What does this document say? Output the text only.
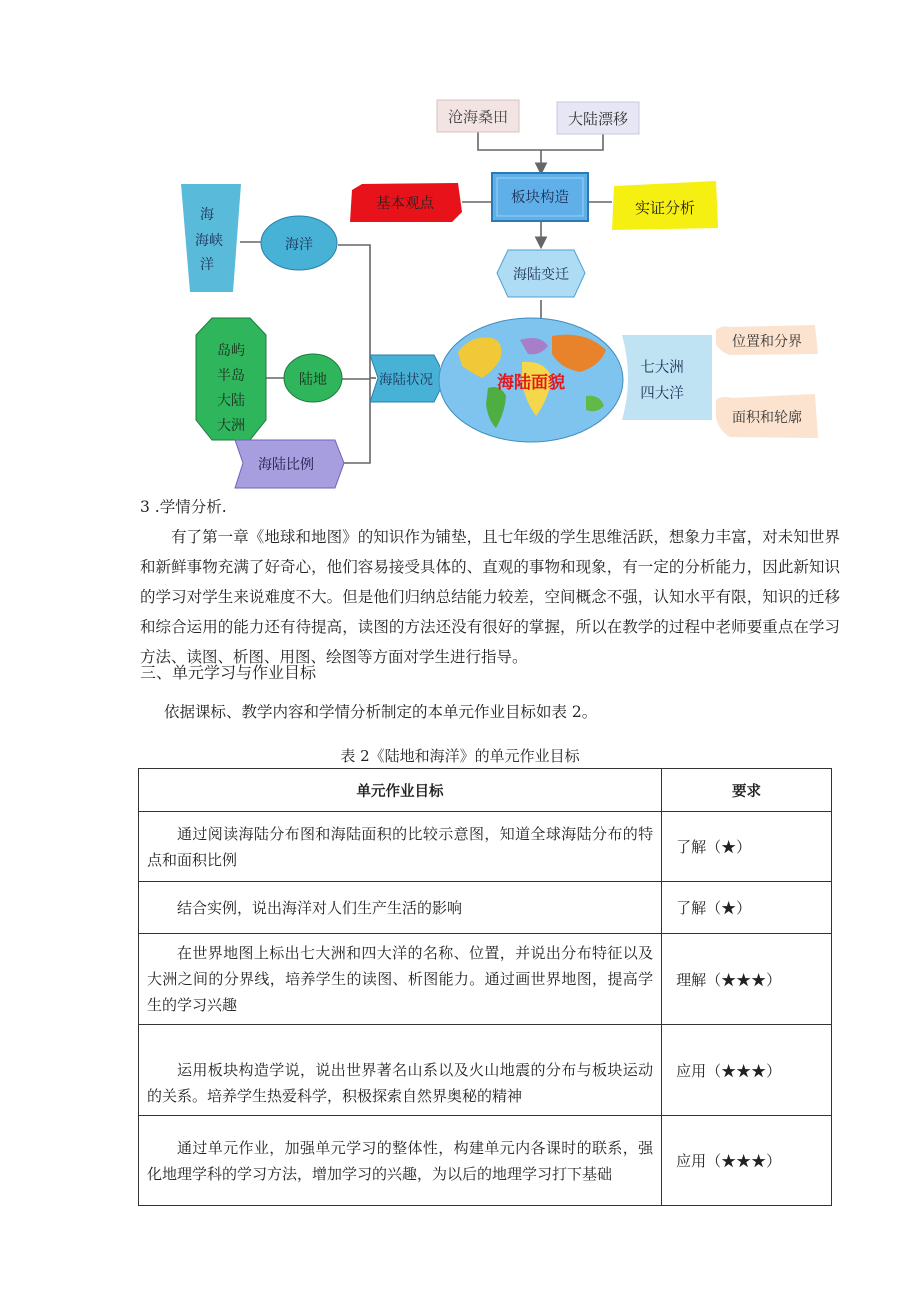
沧海桑田	大陆漂移
基本观点	板块构造
实证分析
海
海峡
洋
海洋
海陆变迁
岛屿
半岛
大陆
大洲
陆地	海陆状况	海陆面貌
七大洲
四大洋
位置和分界
面积和轮廓
海陆比例
3 .学情分析.

有了第一章《地球和地图》的知识作为铺垫，且七年级的学生思维活跃，想象力丰富，对未知世界和新鲜事物充满了好奇心，他们容易接受具体的、直观的事物和现象，有一定的分析能力，因此新知识的学习对学生来说难度不大。但是他们归纳总结能力较差，空间概念不强，认知水平有限，知识的迁移和综合运用的能力还有待提高，读图的方法还没有很好的掌握，所以在教学的过程中老师要重点在学习方法、读图、析图、用图、绘图等方面对学生进行指导。

三、单元学习与作业目标
依据课标、教学内容和学情分析制定的本单元作业目标如表 2。
表 2《陆地和海洋》的单元作业目标
单元作业目标	要求
通过阅读海陆分布图和海陆面积的比较示意图，知道全球海陆分布的特点和面积比例	了解（★）
结合实例，说出海洋对人们生产生活的影响	了解（★）
在世界地图上标出七大洲和四大洋的名称、位置，并说出分布特征以及大洲之间的分界线，培养学生的读图、析图能力。通过画世界地图，提高学生的学习兴趣	理解（★★★）
运用板块构造学说，说出世界著名山系以及火山地震的分布与板块运动的关系。培养学生热爱科学，积极探索自然界奥秘的精神	应用（★★★）
通过单元作业，加强单元学习的整体性，构建单元内各课时的联系，强化地理学科的学习方法，增加学习的兴趣，为以后的地理学习打下基础	应用（★★★）
